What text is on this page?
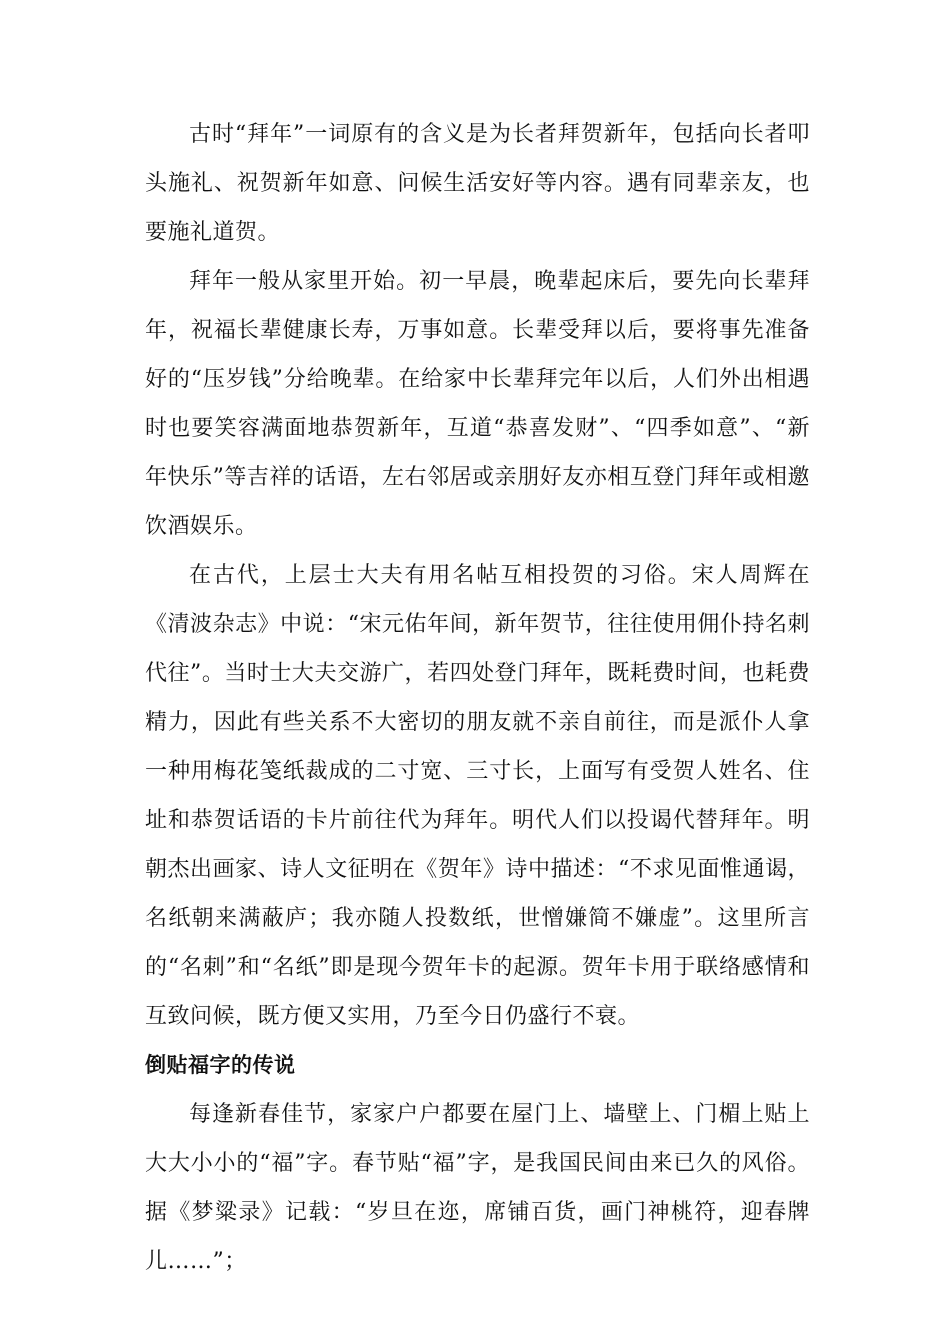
古时“拜年”一词原有的含义是为长者拜贺新年，包括向长者叩头施礼、祝贺新年如意、问候生活安好等内容。遇有同辈亲友，也要施礼道贺。

拜年一般从家里开始。初一早晨，晚辈起床后，要先向长辈拜年，祝福长辈健康长寿，万事如意。长辈受拜以后，要将事先准备好的“压岁钱”分给晚辈。在给家中长辈拜完年以后，人们外出相遇时也要笑容满面地恭贺新年，互道“恭喜发财”、“四季如意”、“新年快乐”等吉祥的话语，左右邻居或亲朋好友亦相互登门拜年或相邀饮酒娱乐。

在古代，上层士大夫有用名帖互相投贺的习俗。宋人周辉在《清波杂志》中说：“宋元佑年间，新年贺节，往往使用佣仆持名刺代往”。当时士大夫交游广，若四处登门拜年，既耗费时间，也耗费精力，因此有些关系不大密切的朋友就不亲自前往，而是派仆人拿一种用梅花笺纸裁成的二寸宽、三寸长，上面写有受贺人姓名、住址和恭贺话语的卡片前往代为拜年。明代人们以投谒代替拜年。明朝杰出画家、诗人文征明在《贺年》诗中描述：“不求见面惟通谒，名纸朝来满蔽庐；我亦随人投数纸，世憎嫌简不嫌虚”。这里所言的“名刺”和“名纸”即是现今贺年卡的起源。贺年卡用于联络感情和互致问候，既方便又实用，乃至今日仍盛行不衰。

倒贴福字的传说

每逢新春佳节，家家户户都要在屋门上、墙壁上、门楣上贴上大大小小的“福”字。春节贴“福”字，是我国民间由来已久的风俗。据《梦粱录》记载：“岁旦在迩，席铺百货，画门神桃符，迎春牌儿……”；
